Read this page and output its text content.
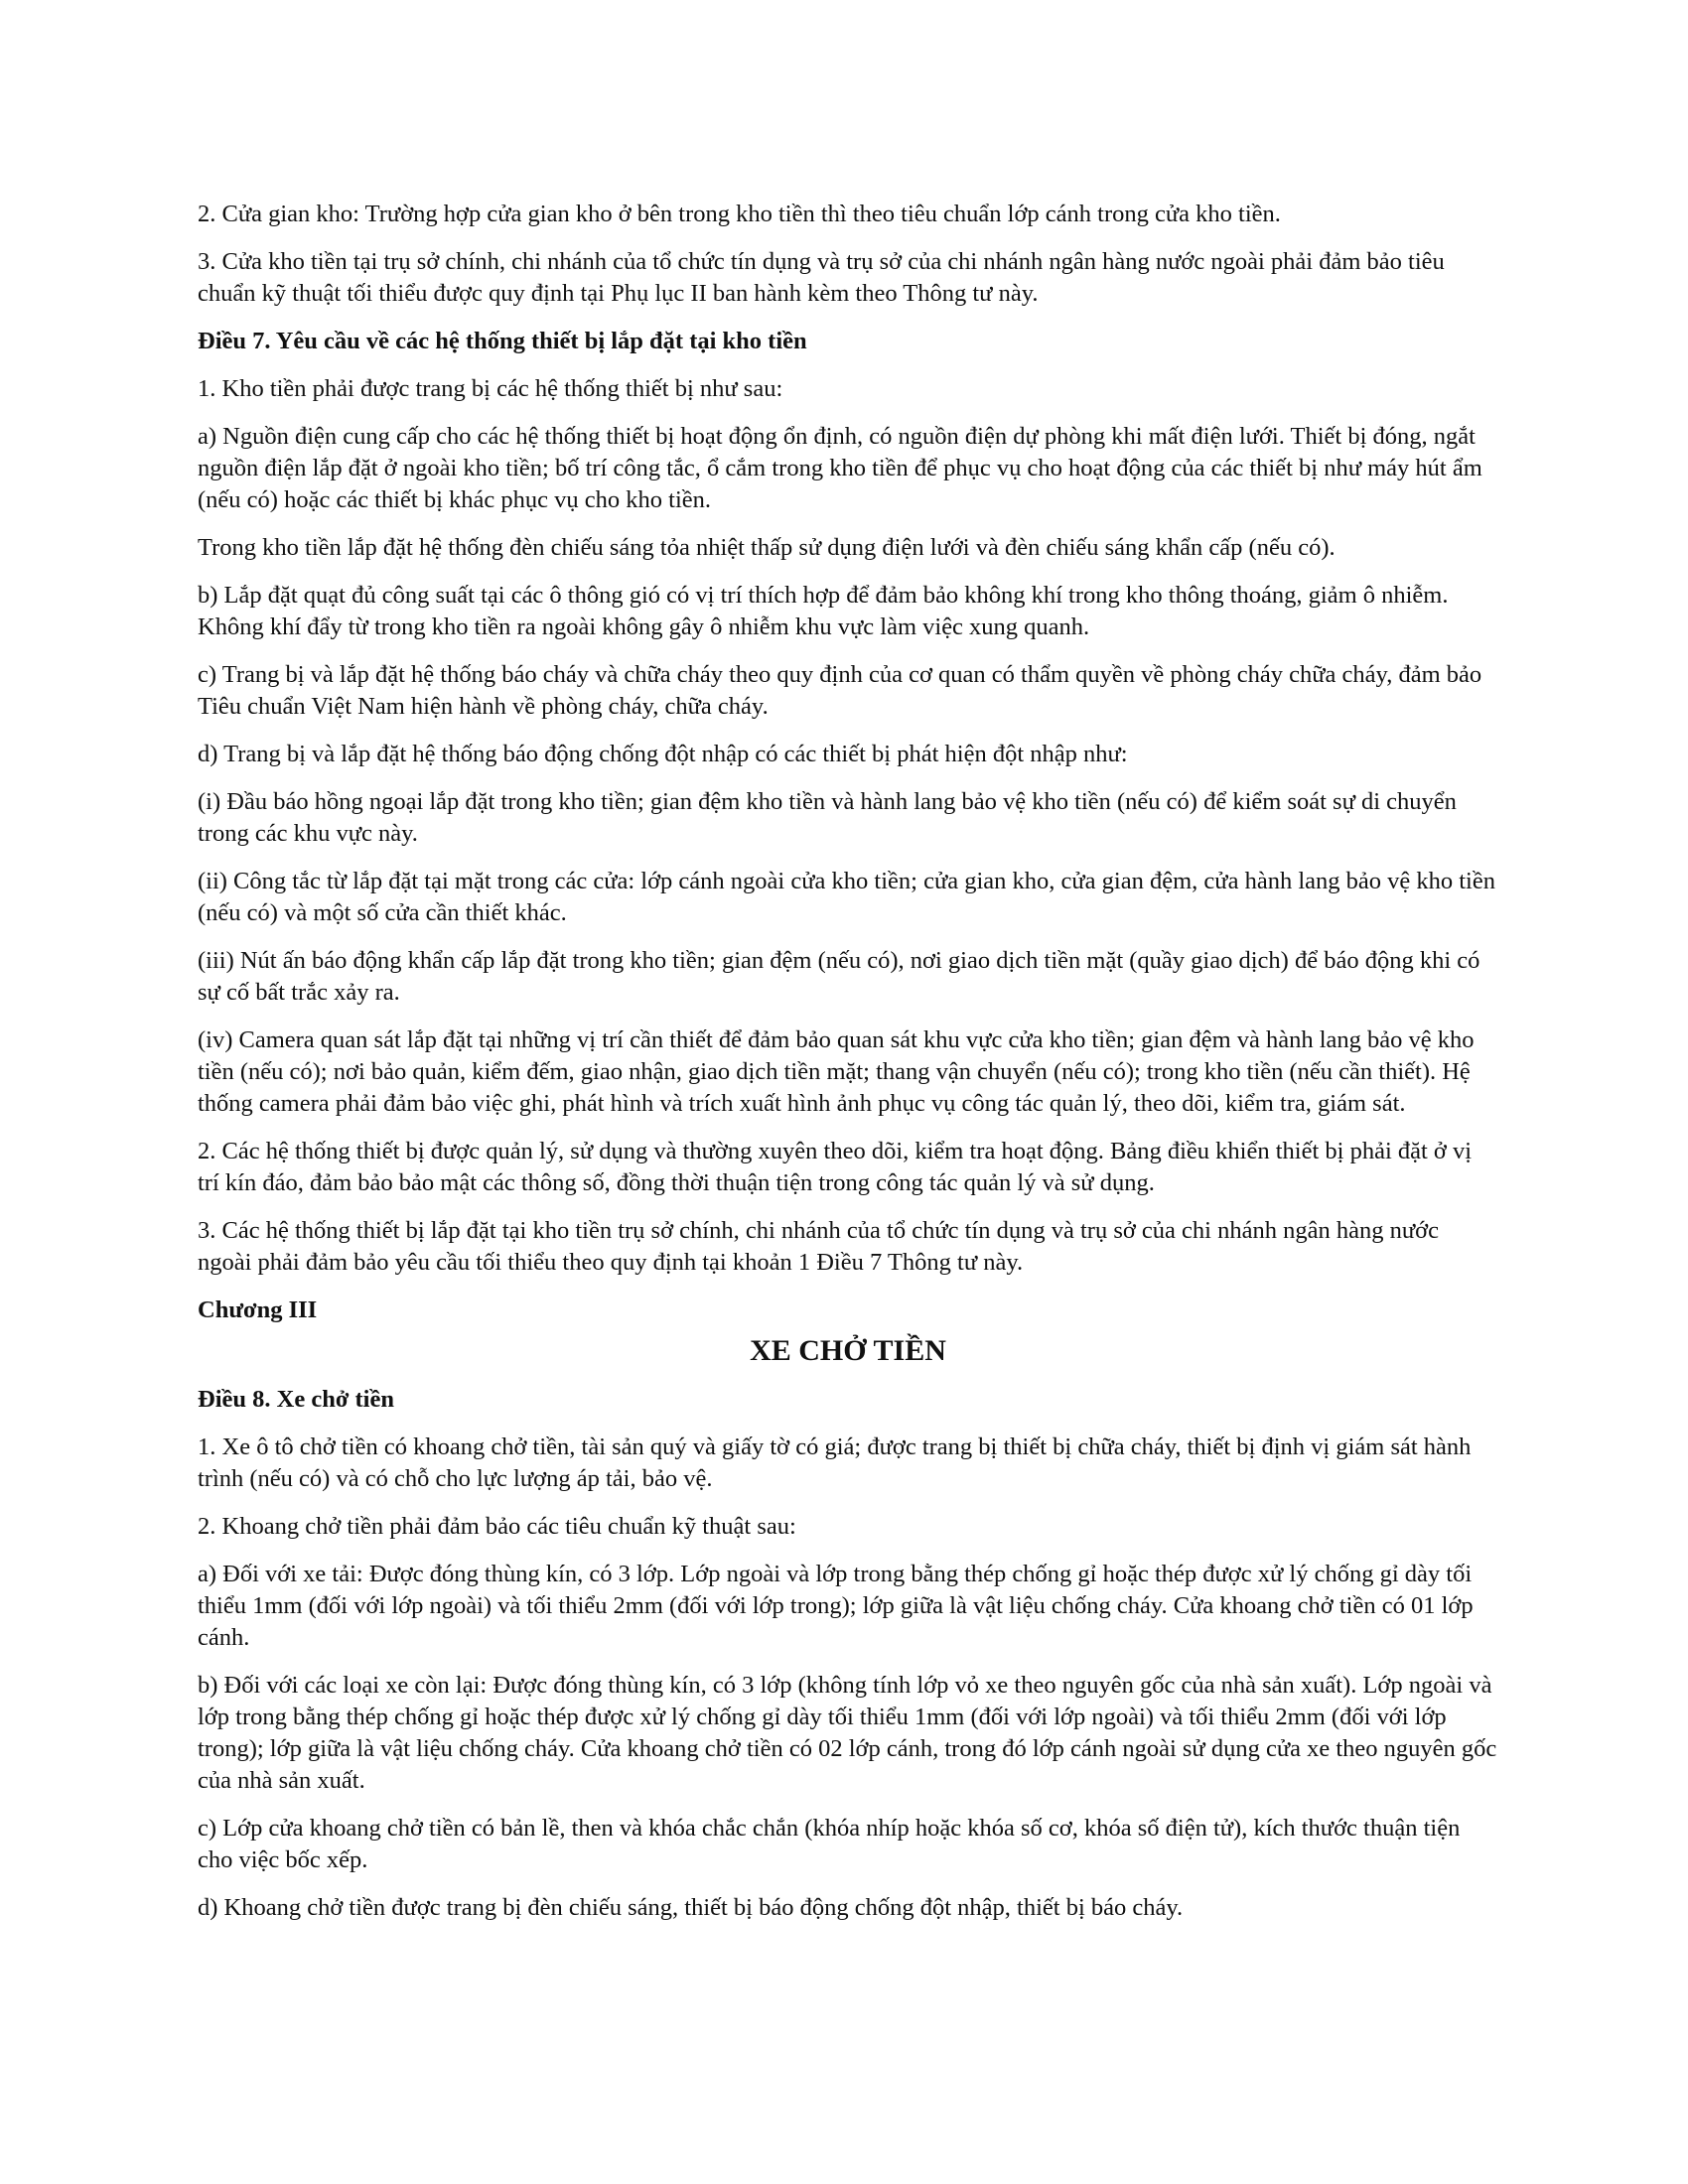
2. Cửa gian kho: Trường hợp cửa gian kho ở bên trong kho tiền thì theo tiêu chuẩn lớp cánh trong cửa kho tiền.

3. Cửa kho tiền tại trụ sở chính, chi nhánh của tổ chức tín dụng và trụ sở của chi nhánh ngân hàng nước ngoài phải đảm bảo tiêu chuẩn kỹ thuật tối thiểu được quy định tại Phụ lục II ban hành kèm theo Thông tư này.

Điều 7. Yêu cầu về các hệ thống thiết bị lắp đặt tại kho tiền

1. Kho tiền phải được trang bị các hệ thống thiết bị như sau:

a) Nguồn điện cung cấp cho các hệ thống thiết bị hoạt động ổn định, có nguồn điện dự phòng khi mất điện lưới. Thiết bị đóng, ngắt nguồn điện lắp đặt ở ngoài kho tiền; bố trí công tắc, ổ cắm trong kho tiền để phục vụ cho hoạt động của các thiết bị như máy hút ẩm (nếu có) hoặc các thiết bị khác phục vụ cho kho tiền.

Trong kho tiền lắp đặt hệ thống đèn chiếu sáng tỏa nhiệt thấp sử dụng điện lưới và đèn chiếu sáng khẩn cấp (nếu có).

b) Lắp đặt quạt đủ công suất tại các ô thông gió có vị trí thích hợp để đảm bảo không khí trong kho thông thoáng, giảm ô nhiễm. Không khí đẩy từ trong kho tiền ra ngoài không gây ô nhiễm khu vực làm việc xung quanh.

c) Trang bị và lắp đặt hệ thống báo cháy và chữa cháy theo quy định của cơ quan có thẩm quyền về phòng cháy chữa cháy, đảm bảo Tiêu chuẩn Việt Nam hiện hành về phòng cháy, chữa cháy.

d) Trang bị và lắp đặt hệ thống báo động chống đột nhập có các thiết bị phát hiện đột nhập như:

(i) Đầu báo hồng ngoại lắp đặt trong kho tiền; gian đệm kho tiền và hành lang bảo vệ kho tiền (nếu có) để kiểm soát sự di chuyển trong các khu vực này.

(ii) Công tắc từ lắp đặt tại mặt trong các cửa: lớp cánh ngoài cửa kho tiền; cửa gian kho, cửa gian đệm, cửa hành lang bảo vệ kho tiền (nếu có) và một số cửa cần thiết khác.

(iii) Nút ấn báo động khẩn cấp lắp đặt trong kho tiền; gian đệm (nếu có), nơi giao dịch tiền mặt (quầy giao dịch) để báo động khi có sự cố bất trắc xảy ra.

(iv) Camera quan sát lắp đặt tại những vị trí cần thiết để đảm bảo quan sát khu vực cửa kho tiền; gian đệm và hành lang bảo vệ kho tiền (nếu có); nơi bảo quản, kiểm đếm, giao nhận, giao dịch tiền mặt; thang vận chuyển (nếu có); trong kho tiền (nếu cần thiết). Hệ thống camera phải đảm bảo việc ghi, phát hình và trích xuất hình ảnh phục vụ công tác quản lý, theo dõi, kiểm tra, giám sát.

2. Các hệ thống thiết bị được quản lý, sử dụng và thường xuyên theo dõi, kiểm tra hoạt động. Bảng điều khiển thiết bị phải đặt ở vị trí kín đáo, đảm bảo bảo mật các thông số, đồng thời thuận tiện trong công tác quản lý và sử dụng.

3. Các hệ thống thiết bị lắp đặt tại kho tiền trụ sở chính, chi nhánh của tổ chức tín dụng và trụ sở của chi nhánh ngân hàng nước ngoài phải đảm bảo yêu cầu tối thiểu theo quy định tại khoản 1 Điều 7 Thông tư này.

Chương III

XE CHỞ TIỀN

Điều 8. Xe chở tiền

1. Xe ô tô chở tiền có khoang chở tiền, tài sản quý và giấy tờ có giá; được trang bị thiết bị chữa cháy, thiết bị định vị giám sát hành trình (nếu có) và có chỗ cho lực lượng áp tải, bảo vệ.

2. Khoang chở tiền phải đảm bảo các tiêu chuẩn kỹ thuật sau:

a) Đối với xe tải: Được đóng thùng kín, có 3 lớp. Lớp ngoài và lớp trong bằng thép chống gỉ hoặc thép được xử lý chống gỉ dày tối thiểu 1mm (đối với lớp ngoài) và tối thiểu 2mm (đối với lớp trong); lớp giữa là vật liệu chống cháy. Cửa khoang chở tiền có 01 lớp cánh.

b) Đối với các loại xe còn lại: Được đóng thùng kín, có 3 lớp (không tính lớp vỏ xe theo nguyên gốc của nhà sản xuất). Lớp ngoài và lớp trong bằng thép chống gỉ hoặc thép được xử lý chống gỉ dày tối thiểu 1mm (đối với lớp ngoài) và tối thiểu 2mm (đối với lớp trong); lớp giữa là vật liệu chống cháy. Cửa khoang chở tiền có 02 lớp cánh, trong đó lớp cánh ngoài sử dụng cửa xe theo nguyên gốc của nhà sản xuất.

c) Lớp cửa khoang chở tiền có bản lề, then và khóa chắc chắn (khóa nhíp hoặc khóa số cơ, khóa số điện tử), kích thước thuận tiện cho việc bốc xếp.

d) Khoang chở tiền được trang bị đèn chiếu sáng, thiết bị báo động chống đột nhập, thiết bị báo cháy.
